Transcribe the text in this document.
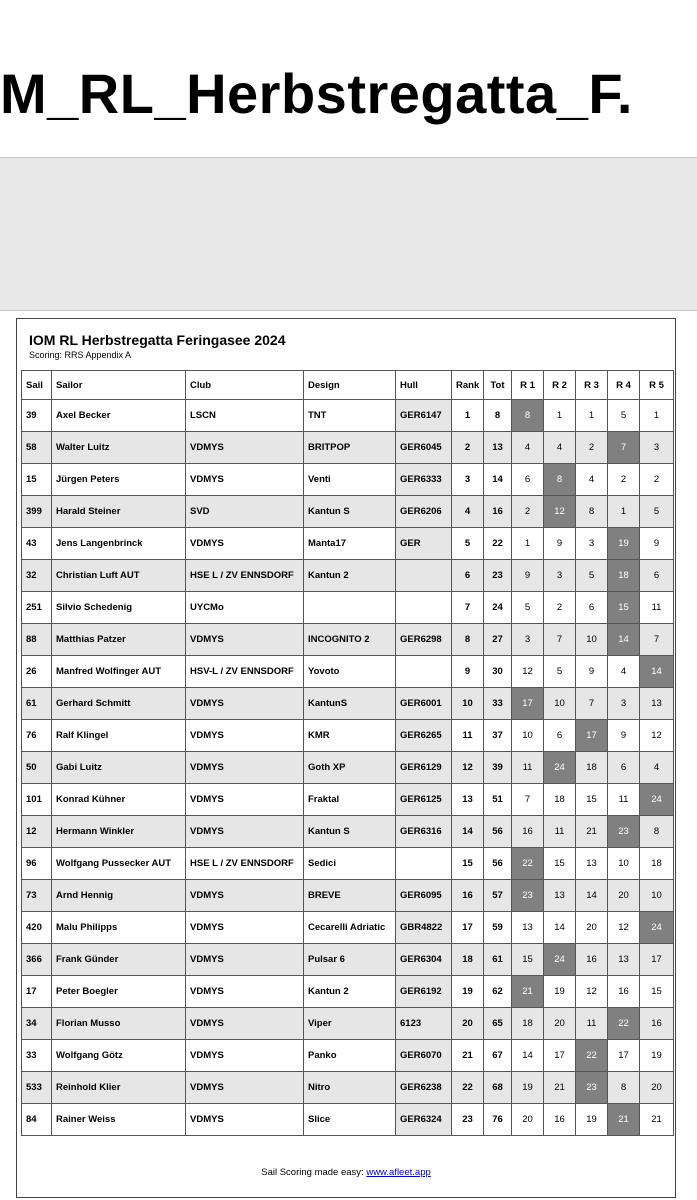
M_RL_Herbstregatta_F.
IOM RL Herbstregatta Feringasee 2024
Scoring: RRS Appendix A
Sail	Sailor	Club	Design	Hull	Rank	Tot	R 1	R 2	R 3	R 4	R 5
39	Axel Becker	LSCN	TNT	GER6147	1	8	8	1	1	5	1
58	Walter Luitz	VDMYS	BRITPOP	GER6045	2	13	4	4	2	7	3
15	Jürgen Peters	VDMYS	Venti	GER6333	3	14	6	8	4	2	2
399	Harald Steiner	SVD	Kantun S	GER6206	4	16	2	12	8	1	5
43	Jens Langenbrinck	VDMYS	Manta17	GER	5	22	1	9	3	19	9
32	Christian Luft AUT	HSE L / ZV ENNSDORF	Kantun 2		6	23	9	3	5	18	6
251	Silvio Schedenig	UYCMo			7	24	5	2	6	15	11
88	Matthias Patzer	VDMYS	INCOGNITO 2	GER6298	8	27	3	7	10	14	7
26	Manfred Wolfinger AUT	HSV-L / ZV ENNSDORF	Yovoto		9	30	12	5	9	4	14
61	Gerhard Schmitt	VDMYS	KantunS	GER6001	10	33	17	10	7	3	13
76	Ralf Klingel	VDMYS	KMR	GER6265	11	37	10	6	17	9	12
50	Gabi Luitz	VDMYS	Goth XP	GER6129	12	39	11	24	18	6	4
101	Konrad Kühner	VDMYS	Fraktal	GER6125	13	51	7	18	15	11	24
12	Hermann Winkler	VDMYS	Kantun S	GER6316	14	56	16	11	21	23	8
96	Wolfgang Pussecker AUT	HSE L / ZV ENNSDORF	Sedici		15	56	22	15	13	10	18
73	Arnd Hennig	VDMYS	BREVE	GER6095	16	57	23	13	14	20	10
420	Malu Philipps	VDMYS	Cecarelli Adriatic	GBR4822	17	59	13	14	20	12	24
366	Frank Günder	VDMYS	Pulsar 6	GER6304	18	61	15	24	16	13	17
17	Peter Boegler	VDMYS	Kantun 2	GER6192	19	62	21	19	12	16	15
34	Florian Musso	VDMYS	Viper	6123	20	65	18	20	11	22	16
33	Wolfgang Götz	VDMYS	Panko	GER6070	21	67	14	17	22	17	19
533	Reinhold Klier	VDMYS	Nitro	GER6238	22	68	19	21	23	8	20
84	Rainer Weiss	VDMYS	Slice	GER6324	23	76	20	16	19	21	21
Sail Scoring made easy: www.afleet.app
